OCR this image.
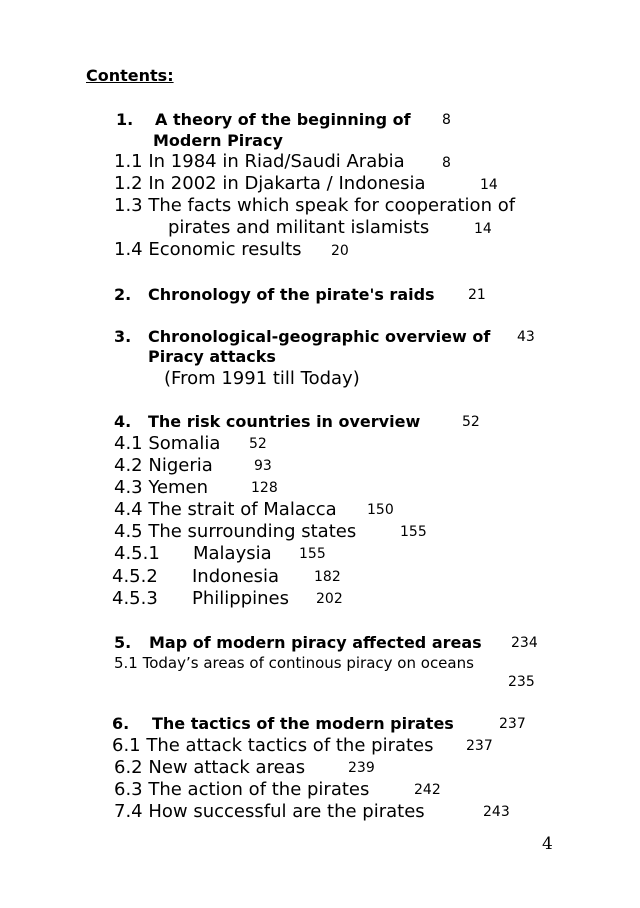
Contents:
1. A theory of the beginning of 8
Modern Piracy
1.1 In 1984 in Riad/Saudi Arabia	8
1.2 In 2002 in Djakarta / Indonesia	14
1.3 The facts which speak for cooperation of
pirates and militant islamists	14
1.4 Economic results 20
2. Chronology of the pirate's raids 21
3. Chronological-geographic overview of 43
Piracy attacks
(From 1991 till Today)
4. The risk countries in overview	52
4.1 Somalia 52
4.2 Nigeria	93
4.3 Yemen	128
4.4 The strait of Malacca 150
4.5 The surrounding states	155
4.5.1 Malaysia 155
4.5.2 Indonesia 182
4.5.3 Philippines 202
5. Map of modern piracy affected areas 234
5.1 Today’s areas of continous piracy on oceans
235
6. The tactics of the modern pirates	237
6.1 The attack tactics of the pirates 237
6.2 New attack areas	239
6.3 The action of the pirates	242
7.4 How successful are the pirates	243
4
